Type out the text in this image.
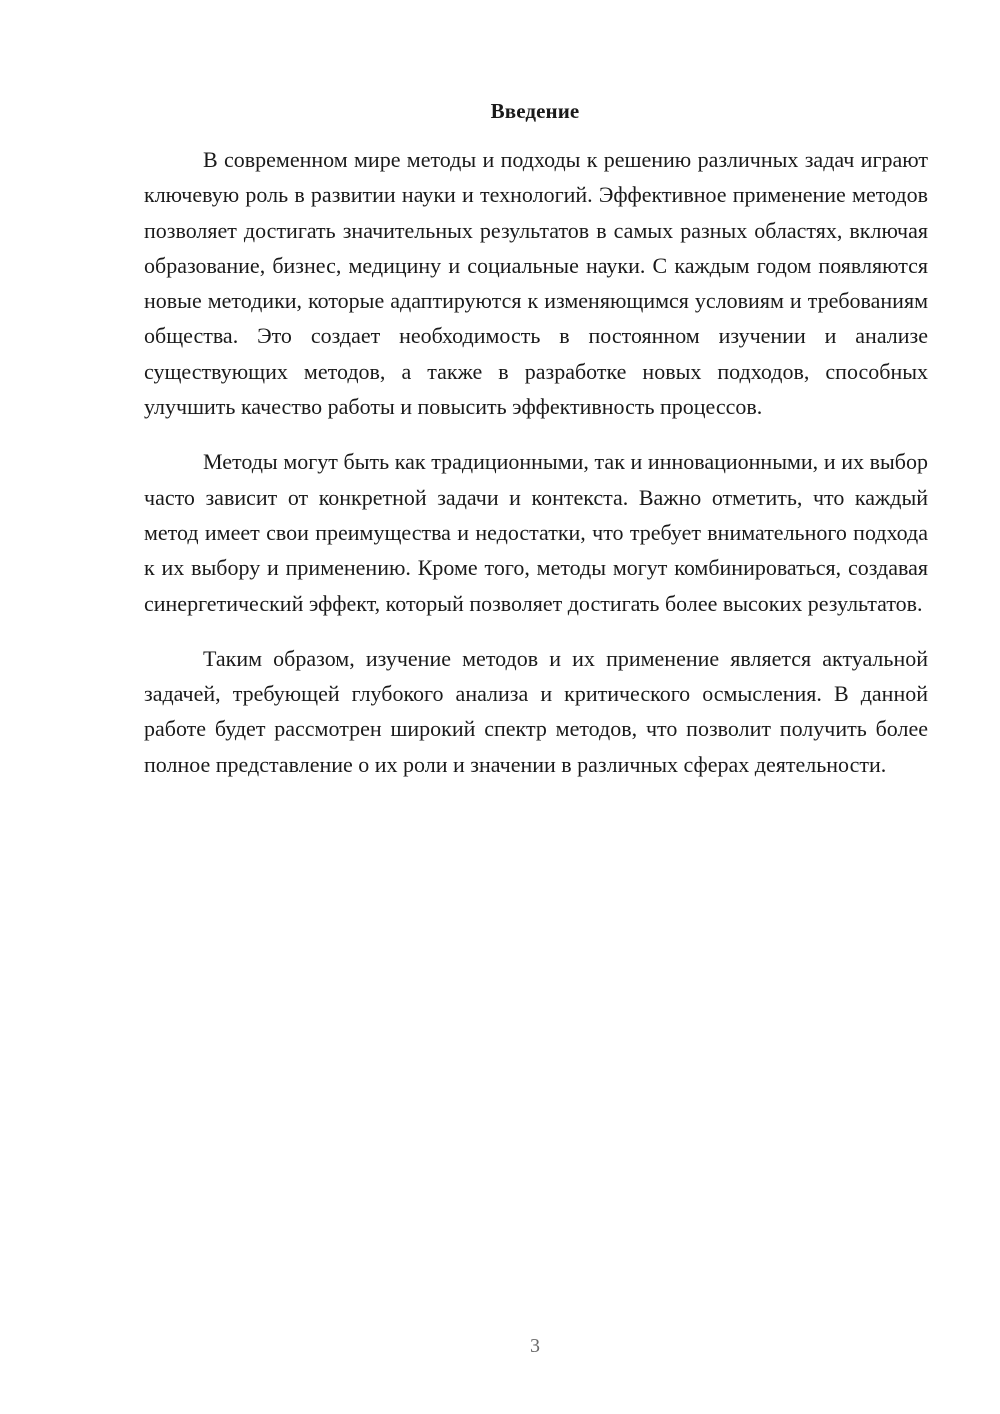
Введение

В современном мире методы и подходы к решению различных задач играют ключевую роль в развитии науки и технологий. Эффективное применение методов позволяет достигать значительных результатов в самых разных областях, включая образование, бизнес, медицину и социальные науки. С каждым годом появляются новые методики, которые адаптируются к изменяющимся условиям и требованиям общества. Это создает необходимость в постоянном изучении и анализе существующих методов, а также в разработке новых подходов, способных улучшить качество работы и повысить эффективность процессов.

Методы могут быть как традиционными, так и инновационными, и их выбор часто зависит от конкретной задачи и контекста. Важно отметить, что каждый метод имеет свои преимущества и недостатки, что требует внимательного подхода к их выбору и применению. Кроме того, методы могут комбинироваться, создавая синергетический эффект, который позволяет достигать более высоких результатов.

Таким образом, изучение методов и их применение является актуальной задачей, требующей глубокого анализа и критического осмысления. В данной работе будет рассмотрен широкий спектр методов, что позволит получить более полное представление о их роли и значении в различных сферах деятельности.

3
